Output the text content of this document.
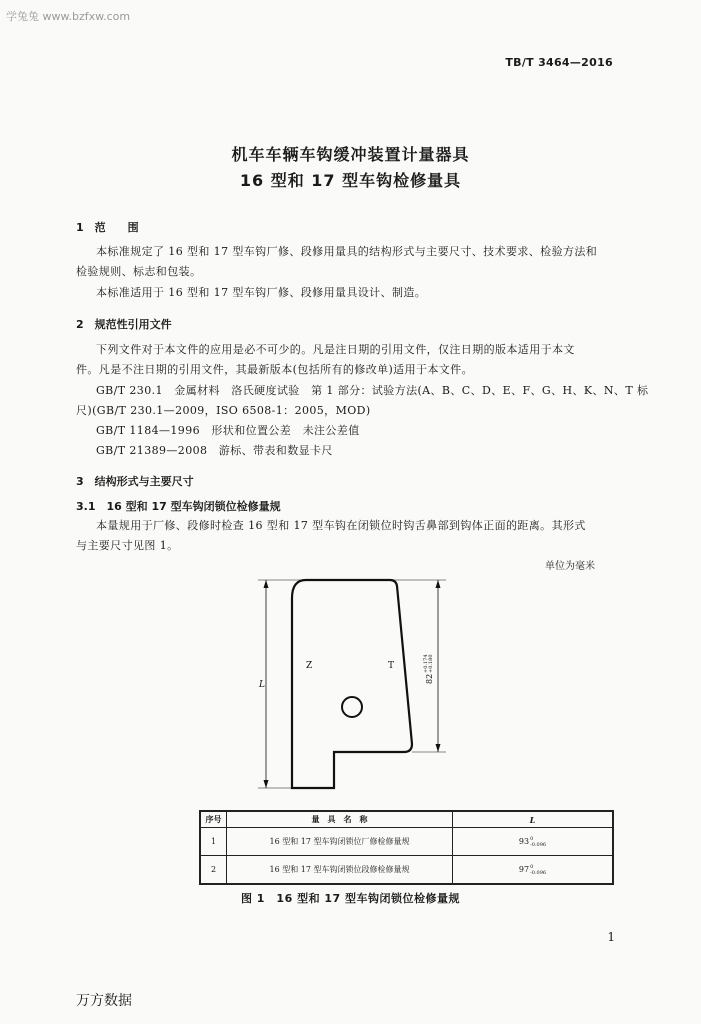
学兔兔 www.bzfxw.com
TB/T 3464—2016
机车车辆车钩缓冲装置计量器具
16 型和 17 型车钩检修量具
1　范　　围
本标准规定了 16 型和 17 型车钩厂修、段修用量具的结构形式与主要尺寸、技术要求、检验方法和
检验规则、标志和包装。
本标准适用于 16 型和 17 型车钩厂修、段修用量具设计、制造。
2　规范性引用文件
下列文件对于本文件的应用是必不可少的。凡是注日期的引用文件，仅注日期的版本适用于本文
件。凡是不注日期的引用文件，其最新版本(包括所有的修改单)适用于本文件。
GB/T 230.1　金属材料　洛氏硬度试验　第 1 部分：试验方法(A、B、C、D、E、F、G、H、K、N、T 标
尺)(GB/T 230.1—2009，ISO 6508-1：2005，MOD)
GB/T 1184—1996　形状和位置公差　未注公差值
GB/T 21389—2008　游标、带表和数显卡尺
3　结构形式与主要尺寸
3.1　16 型和 17 型车钩闭锁位检修量规
本量规用于厂修、段修时检查 16 型和 17 型车钩在闭锁位时钩舌鼻部到钩体正面的距离。其形式
与主要尺寸见图 1。
单位为毫米
L
82
+0.174 +0.180
Z	T
序号	量　具　名　称	L
1	16 型和 17 型车钩闭锁位厂修检修量规	930
-0.096
2	16 型和 17 型车钩闭锁位段修检修量规	970
-0.096
图 1　16 型和 17 型车钩闭锁位检修量规
1
万方数据
